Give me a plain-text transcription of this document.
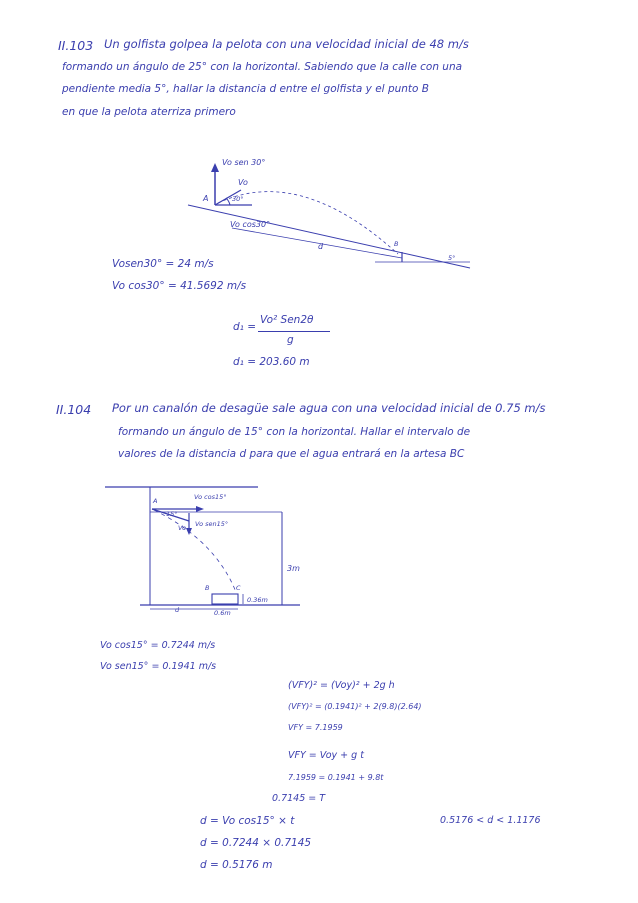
II.103 Un golfista golpea la pelota con una velocidad inicial de 48 m/s
formando un ángulo de 25° con la horizontal. Sabiendo que la calle con una
pendiente media 5°, hallar la distancia d entre el golfista y el punto B
en que la pelota aterriza primero
Vo sen 30°
Vo
A	30°
Vo cos30°
d
5°
B
Vosen30° = 24 m/s
Vo cos30° = 41.5692 m/s
d₁ =
Vo² Sen2θ
g
d₁ = 203.60 m
II.104 Por un canalón de desagüe sale agua con una velocidad inicial de 0.75 m/s
formando un ángulo de 15° con la horizontal. Hallar el intervalo de
valores de la distancia d para que el agua entrará en la artesa BC
A	Vo cos15°
15°
Vo Vo sen15°
3m
B	C
0.36m
d	0.6m
Vo cos15° = 0.7244 m/s
Vo sen15° = 0.1941 m/s
(VFY)² = (Voy)² + 2g h
(VFY)² = (0.1941)² + 2(9.8)(2.64)
VFY = 7.1959
VFY = Voy + g t
7.1959 = 0.1941 + 9.8t
0.7145 = T
0.5176 < d < 1.1176
d = Vo cos15° × t
d = 0.7244 × 0.7145
d = 0.5176 m
